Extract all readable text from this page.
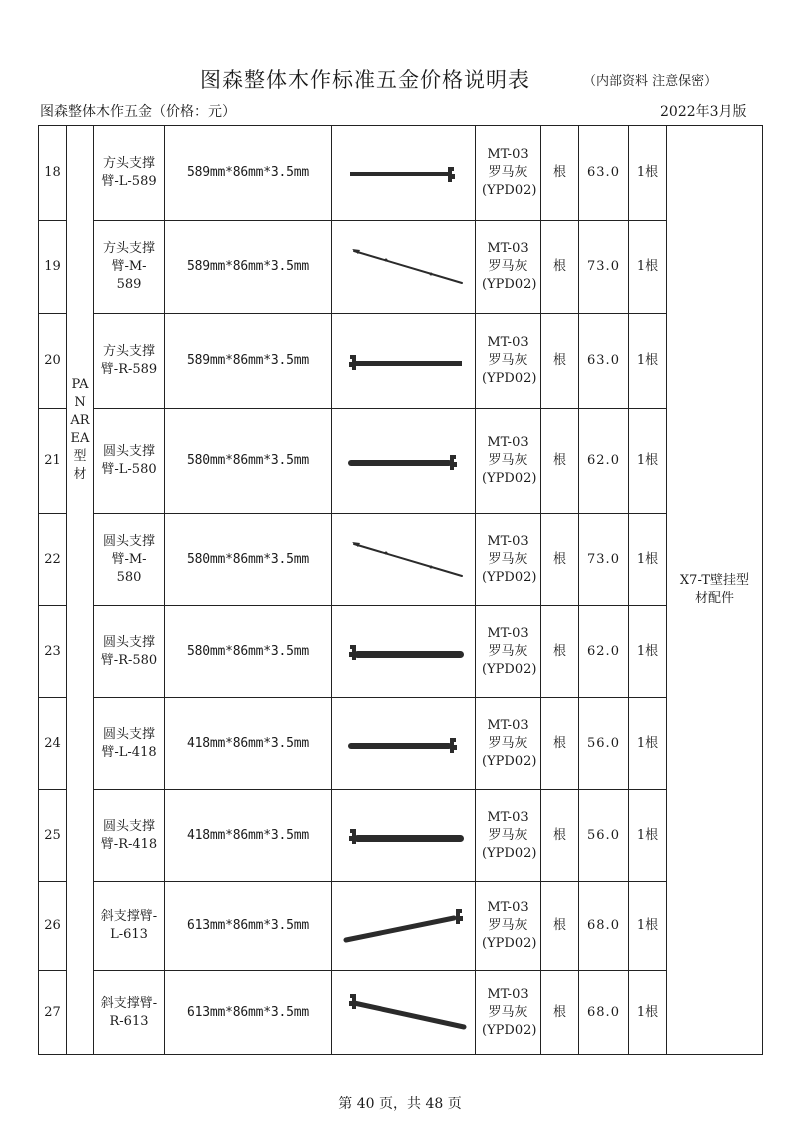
图森整体木作标准五金价格说明表	（内部资料 注意保密）
图森整体木作五金（价格：元）	2022年3月版
18	PANAREA型材	方头支撑臂-L-589	589mm*86mm*3.5mm		MT-03罗马灰(YPD02)	根	63.0	1根	X7-T壁挂型材配件

19		方头支撑臂-M-589	589mm*86mm*3.5mm		MT-03罗马灰(YPD02)	根	73.0	1根	
20		方头支撑臂-R-589	589mm*86mm*3.5mm		MT-03罗马灰(YPD02)	根	63.0	1根	
21		圆头支撑臂-L-580	580mm*86mm*3.5mm		MT-03罗马灰(YPD02)	根	62.0	1根	
22		圆头支撑臂-M-580	580mm*86mm*3.5mm		MT-03罗马灰(YPD02)	根	73.0	1根	
23		圆头支撑臂-R-580	580mm*86mm*3.5mm		MT-03罗马灰(YPD02)	根	62.0	1根	
24		圆头支撑臂-L-418	418mm*86mm*3.5mm		MT-03罗马灰(YPD02)	根	56.0	1根	
25		圆头支撑臂-R-418	418mm*86mm*3.5mm		MT-03罗马灰(YPD02)	根	56.0	1根	
26		斜支撑臂-L-613	613mm*86mm*3.5mm		MT-03罗马灰(YPD02)	根	68.0	1根	
27		斜支撑臂-R-613	613mm*86mm*3.5mm		MT-03罗马灰(YPD02)	根	68.0	1根	
第 40 页，共 48 页
